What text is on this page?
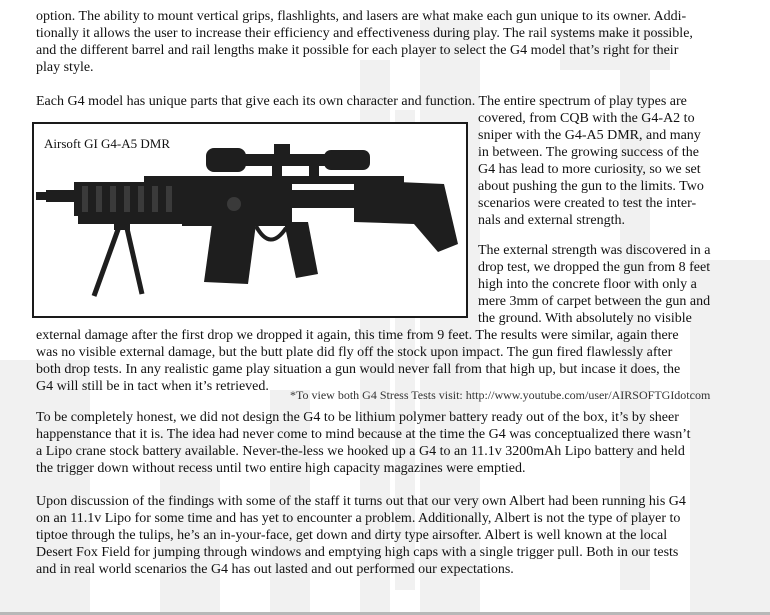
option. The ability to mount vertical grips, flashlights, and lasers are what make each gun unique to its owner. Addi-
tionally it allows the user to increase their efficiency and effectiveness during play. The rail systems make it possible,
and the different barrel and rail lengths make it possible for each player to select the G4 model that’s right for their
play style.
Each G4 model has unique parts that give each its own character and function. The entire spectrum of play types are
covered, from CQB with the G4-A2 to
sniper with the G4-A5 DMR, and many
in between. The growing success of the
G4 has lead to more curiosity, so we set
about pushing the gun to the limits. Two
scenarios were created to test the inter-
nals and external strength.
The external strength was discovered in a
drop test, we dropped the gun from 8 feet
high into the concrete floor with only a
mere 3mm of carpet between the gun and
the ground. With absolutely no visible
Airsoft GI G4-A5 DMR
external damage after the first drop we dropped it again, this time from 9 feet. The results were similar, again there
was no visible external damage, but the butt plate did fly off the stock upon impact. The gun fired flawlessly after
both drop tests. In any realistic game play situation a gun would never fall from that high up, but incase it does, the
G4 will still be in tact when it’s retrieved.
*To view both G4 Stress Tests visit: http://www.youtube.com/user/AIRSOFTGIdotcom
To be completely honest, we did not design the G4 to be lithium polymer battery ready out of the box, it’s by sheer
happenstance that it is. The idea had never come to mind because at the time the G4 was conceptualized there wasn’t
a Lipo crane stock battery available. Never-the-less we hooked up a G4 to an 11.1v 3200mAh Lipo battery and held
the trigger down without recess until two entire high capacity magazines were emptied.
Upon discussion of the findings with some of the staff it turns out that our very own Albert had been running his G4
on an 11.1v Lipo for some time and has yet to encounter a problem. Additionally, Albert is not the type of player to
tiptoe through the tulips, he’s an in-your-face, get down and dirty type airsofter. Albert is well known at the local
Desert Fox Field for jumping through windows and emptying high caps with a single trigger pull. Both in our tests
and in real world scenarios the G4 has out lasted and out performed our expectations.
